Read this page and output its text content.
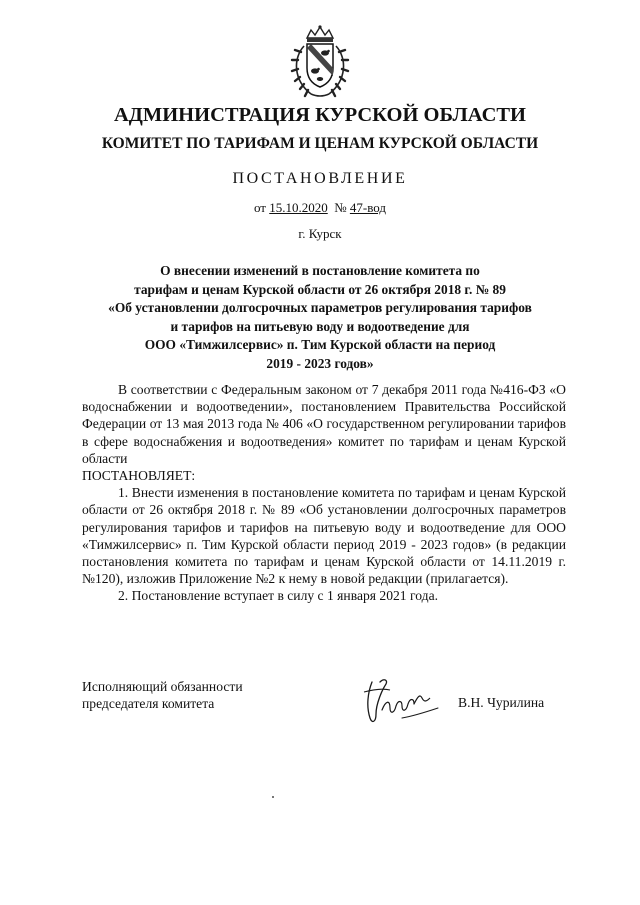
АДМИНИСТРАЦИЯ КУРСКОЙ ОБЛАСТИ
КОМИТЕТ ПО ТАРИФАМ И ЦЕНАМ КУРСКОЙ ОБЛАСТИ
ПОСТАНОВЛЕНИЕ
от 15.10.2020 № 47-вод
г. Курск
О внесении изменений в постановление комитета по
тарифам и ценам Курской области от 26 октября 2018 г. № 89
«Об установлении долгосрочных параметров регулирования тарифов
и тарифов на питьевую воду и водоотведение для
ООО «Тимжилсервис» п. Тим Курской области на период
2019 - 2023 годов»

В соответствии с Федеральным законом от 7 декабря 2011 года №416-ФЗ «О водоснабжении и водоотведении», постановлением Правительства Российской Федерации от 13 мая 2013 года № 406 «О государственном регулировании тарифов в сфере водоснабжения и водоотведения» комитет по тарифам и ценам Курской области

ПОСТАНОВЛЯЕТ:

1. Внести изменения в постановление комитета по тарифам и ценам Курской области от 26 октября 2018 г. № 89 «Об установлении долгосрочных параметров регулирования тарифов и тарифов на питьевую воду и водоотведение для ООО «Тимжилсервис» п. Тим Курской области период 2019 - 2023 годов» (в редакции постановления комитета по тарифам и ценам Курской области от 14.11.2019 г. №120), изложив Приложение №2 к нему в новой редакции (прилагается).

2. Постановление вступает в силу с 1 января 2021 года.

Исполняющий обязанности
председателя комитета	В.Н. Чурилина
